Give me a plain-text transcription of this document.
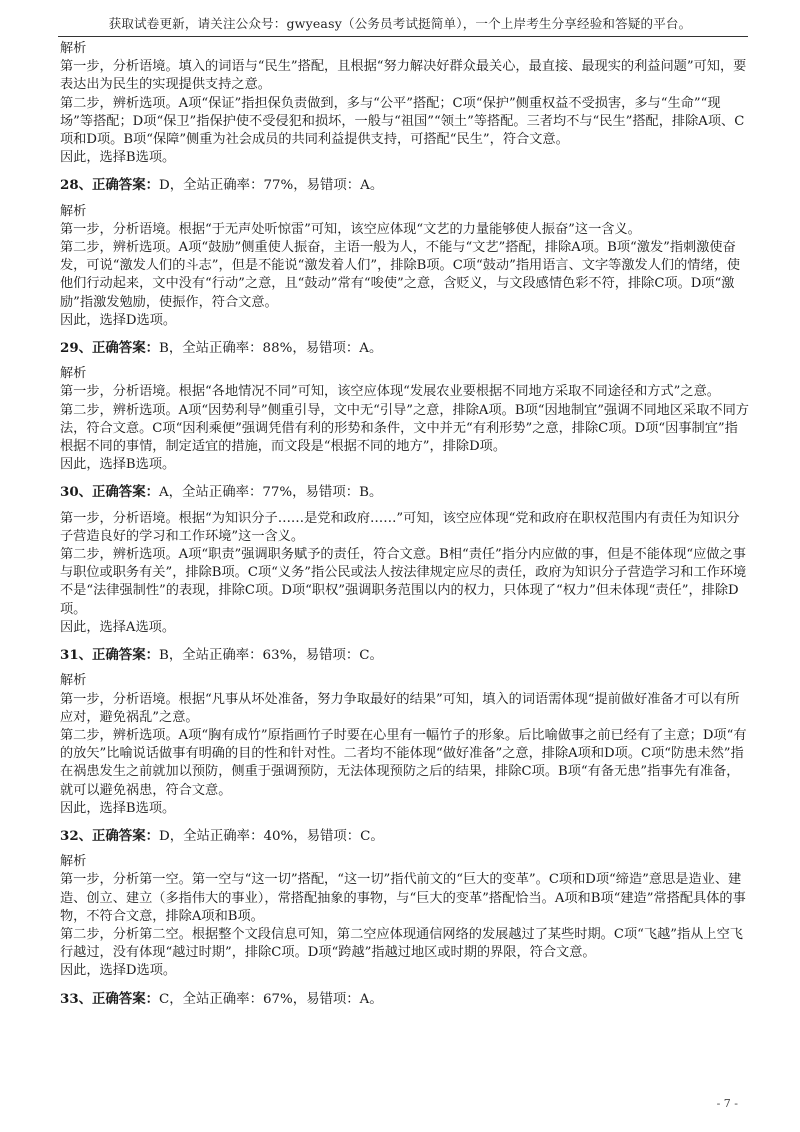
获取试卷更新，请关注公众号：gwyeasy（公务员考试挺简单），一个上岸考生分享经验和答疑的平台。

解析

第一步，分析语境。填入的词语与“民生”搭配，且根据“努力解决好群众最关心，最直接、最现实的利益问题”可知，要表达出为民生的实现提供支持之意。

第二步，辨析选项。A项“保证”指担保负责做到，多与“公平”搭配；C项“保护”侧重权益不受损害，多与“生命”“现场”等搭配；D项“保卫”指保护使不受侵犯和损坏，一般与“祖国”“领土”等搭配。三者均不与“民生”搭配，排除A项、C项和D项。B项“保障”侧重为社会成员的共同利益提供支持，可搭配“民生”，符合文意。

因此，选择B选项。

28、正确答案：D，全站正确率：77%，易错项：A。

解析

第一步，分析语境。根据“于无声处听惊雷”可知，该空应体现“文艺的力量能够使人振奋”这一含义。

第二步，辨析选项。A项“鼓励”侧重使人振奋，主语一般为人，不能与“文艺”搭配，排除A项。B项“激发”指刺激使奋发，可说“激发人们的斗志”，但是不能说“激发着人们”，排除B项。C项“鼓动”指用语言、文字等激发人们的情绪，使他们行动起来，文中没有“行动”之意，且“鼓动”常有“唆使”之意，含贬义，与文段感情色彩不符，排除C项。D项“激励”指激发勉励，使振作，符合文意。

因此，选择D选项。

29、正确答案：B，全站正确率：88%，易错项：A。

解析

第一步，分析语境。根据“各地情况不同”可知，该空应体现“发展农业要根据不同地方采取不同途径和方式”之意。

第二步，辨析选项。A项“因势利导”侧重引导，文中无“引导”之意，排除A项。B项“因地制宜”强调不同地区采取不同方法，符合文意。C项“因利乘便”强调凭借有利的形势和条件，文中并无“有利形势”之意，排除C项。D项“因事制宜”指根据不同的事情，制定适宜的措施，而文段是“根据不同的地方”，排除D项。

因此，选择B选项。

30、正确答案：A，全站正确率：77%，易错项：B。

第一步，分析语境。根据“为知识分子……是党和政府……”可知，该空应体现“党和政府在职权范围内有责任为知识分子营造良好的学习和工作环境”这一含义。

第二步，辨析选项。A项“职责”强调职务赋予的责任，符合文意。B相“责任”指分内应做的事，但是不能体现“应做之事与职位或职务有关”，排除B项。C项“义务”指公民或法人按法律规定应尽的责任，政府为知识分子营造学习和工作环境不是“法律强制性”的表现，排除C项。D项“职权”强调职务范围以内的权力，只体现了“权力”但未体现“责任”，排除D项。

因此，选择A选项。

31、正确答案：B，全站正确率：63%，易错项：C。

解析

第一步，分析语境。根据“凡事从坏处准备，努力争取最好的结果”可知，填入的词语需体现“提前做好准备才可以有所应对，避免祸乱”之意。

第二步，辨析选项。A项“胸有成竹”原指画竹子时要在心里有一幅竹子的形象。后比喻做事之前已经有了主意；D项“有的放矢”比喻说话做事有明确的目的性和针对性。二者均不能体现“做好准备”之意，排除A项和D项。C项“防患未然”指在祸患发生之前就加以预防，侧重于强调预防，无法体现预防之后的结果，排除C项。B项“有备无患”指事先有准备，就可以避免祸患，符合文意。

因此，选择B选项。

32、正确答案：D，全站正确率：40%，易错项：C。

解析

第一步，分析第一空。第一空与“这一切”搭配，“这一切”指代前文的“巨大的变革”。C项和D项“缔造”意思是造业、建造、创立、建立（多指伟大的事业），常搭配抽象的事物，与“巨大的变革”搭配恰当。A项和B项“建造”常搭配具体的事物，不符合文意，排除A项和B项。

第二步，分析第二空。根据整个文段信息可知，第二空应体现通信网络的发展越过了某些时期。C项“飞越”指从上空飞行越过，没有体现“越过时期”，排除C项。D项“跨越”指越过地区或时期的界限，符合文意。

因此，选择D选项。

33、正确答案：C，全站正确率：67%，易错项：A。

- 7 -
